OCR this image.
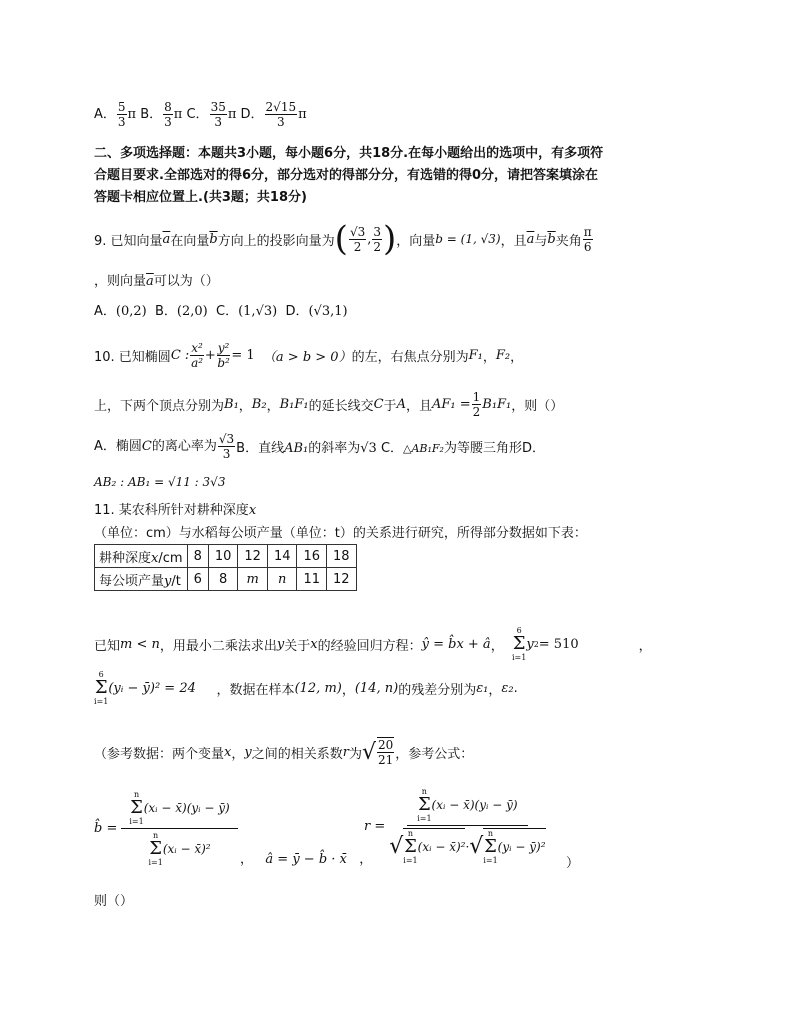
A． $\frac{5}{3}$ π B． $\frac{8}{3}$ π C． $\frac{35}{3}$ π D． $\frac{2√15}{3}$ π
二、多项选择题：本题共3小题，每小题6分，共18分.在每小题给出的选项中，有多项符
合题目要求.全部选对的得6分，部分选对的得部分分，有选错的得0分，请把答案填涂在
答题卡相应位置上.(共3题；共18分)
9. 已知向量 $\overline{a}$ 在向量 $\overline{b}$ 方向上的投影向量为 ( $\frac{√3}{2}$ , $\frac{3}{2}$ ) ，向量 b = (1, √3) ，且 $\overline{a}$ 与 $\overline{b}$ 夹角 $\frac{\pi}{6}$
，则向量$\overline{a}$可以为（）
A．(0,2) B．(2,0) C．(1,√3) D．(√3,1)
10. 已知椭圆 C : $\frac{\text{x²}}{\text{a²}} + \frac{\text{y²}}{\text{b²}} = 1$
（a > b > 0） 的左，右焦点分别为 F₁ ， F₂ ，
上，下两个顶点分别为 B₁ ， B₂ ， B₁F₁ 的延长线交 C 于 A ，且 $AF_1 = \frac{1}{2} B_1F_1$ ，则（）
A．椭圆C的离心率为 $\frac{√3}{3}$ B．直线AB₁的斜率为√3
C．△AB₁F₂为等腰三角形 D．
AB₂ : AB₁ = √11 : 3√3
11. 某农科所针对耕种深度x
（单位：cm）与水稻每公顷产量（单位：t）的关系进行研究，所得部分数据如下表：
耕种深度x/cm	8	10	12	14	16	18
每公顷产量y/t	6	8	m	n	11	12
已知 m < n ，用最小二乘法求出 y 关于 x 的经验回归方程： ŷ = b̂x + â ，

6
Σ
i=1
y 2 = 510	，
6
Σ
i=1
(yᵢ − ȳ)² = 24
，数据在样本 (12, m) ， (14, n) 的残差分别为 ε₁ ， ε₂ .
（参考数据：两个变量 x ， y 之间的相关系数 r 为 √ $\frac{20}{21}$ ，参考公式：
b̂ =
n
Σ
i=1
(xᵢ − x̄)(yᵢ − ȳ)
n
Σ
i=1
(xᵢ − x̄)²
， â = ȳ − b̂ · x̄ ，
r =
n
Σ
i=1
(xᵢ − x̄)(yᵢ − ȳ)
√
n
Σ
i=1
(xᵢ − x̄)² · √
n
Σ
i=1
(yᵢ − ȳ)²
）
则（）
